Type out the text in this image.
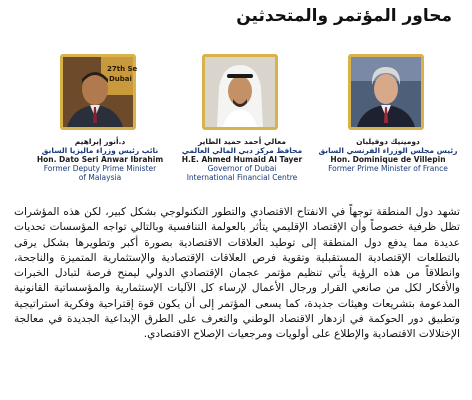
محاور المؤتمر والمتحدثين
27th Se
Dubai
د.أنور إبراهيم
نائب رئيس وزراء ماليزيا السابق
Hon. Dato Seri Anwar Ibrahim
Former Deputy Prime Minister
of Malaysia
معالي أحمد حميد الطاير
محافظ مركز دبي المالي العالمي
H.E. Ahmed Humaid Al Tayer
Governor of Dubai
International Financial Centre
دومينيك دوفيلبان
رئيس مجلس الوزراء الفرنسي السابق
Hon. Dominique de Villepin
Former Prime Minister of France

تشهد دول المنطقة توجهاً في الانفتاح الاقتصادي والتطور التكنولوجي بشكل كبير، لكن هذه المؤشرات تظل ظرفية خصوصاً وأن الإقتصاد الإقليمي يتأثر بالعولمة التنافسية وبالتالي تواجه المؤسسات تحديات عديدة مما يدفع دول المنطقة إلى توطيد العلاقات الاقتصادية بصورة أكبر وتطويرها بشكل يرقى بالتطلعات الإقتصادية المستقبلية وتقوية فرص العلاقات الإقتصادية والإستثمارية المتميزة والناجحة، وانطلاقاً من هذه الرؤية يأتي تنظيم مؤتمر عجمان الإقتصادي الدولي ليمنح فرصة لتبادل الخبرات والأفكار لكل من صانعي القرار ورجال الأعمال لإرساء كل الآليات الإستثمارية والمؤسساتية القانونية المدعومة بتشريعات وهيئات جديدة، كما يسعى المؤتمر إلى أن يكون قوة إقتراحية وفكرية استراتيجية وتطبيق دور الحوكمة في ازدهار الاقتصاد الوطني والتعرف على الطرق الإبداعية الجديدة في معالجة الإختلالات الاقتصادية والإطلاع على أولويات ومرجعيات الإصلاح الاقتصادي.
